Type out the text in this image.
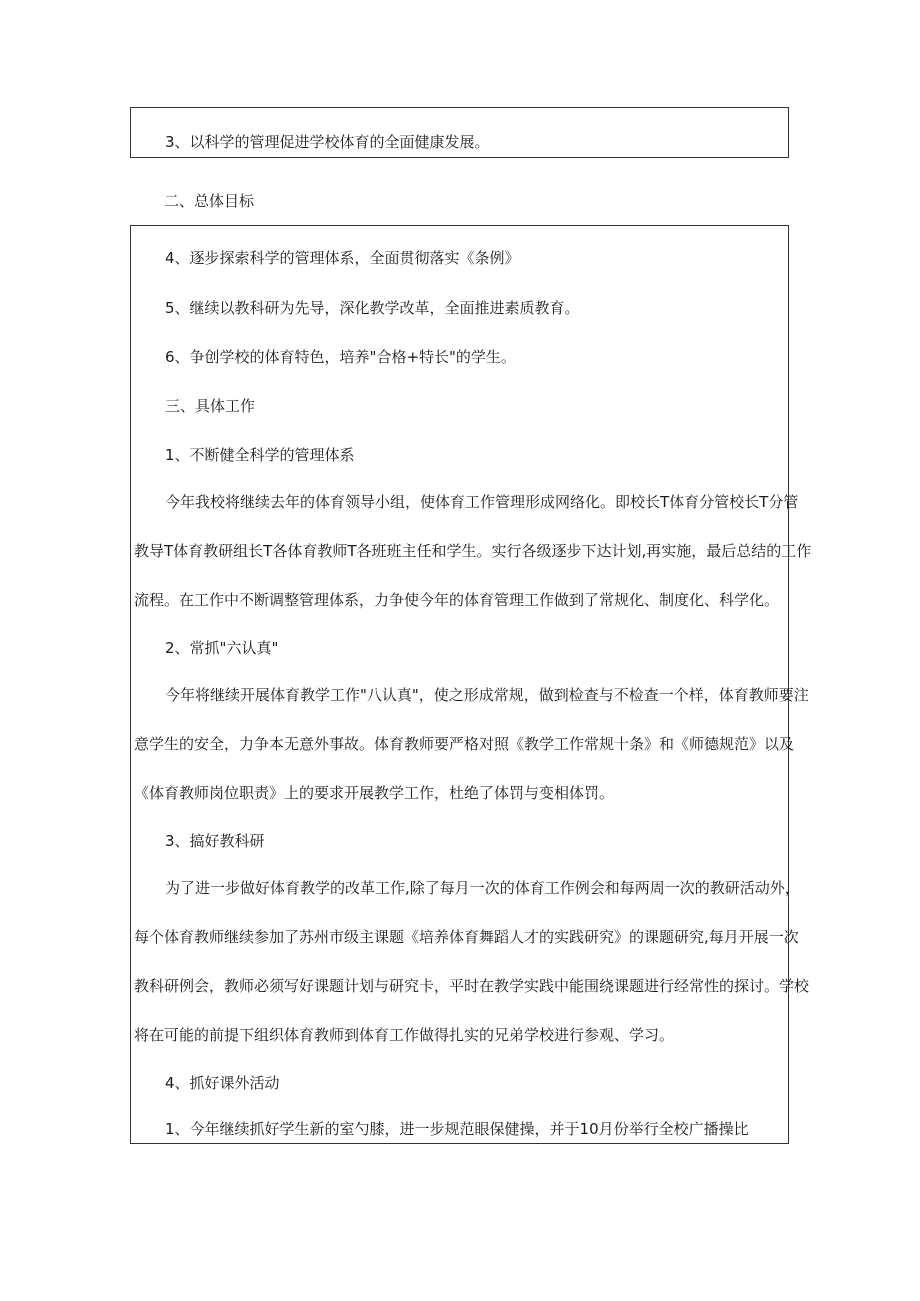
3、以科学的管理促进学校体育的全面健康发展。
二、总体目标
4、逐步探索科学的管理体系，全面贯彻落实《条例》
5、继续以教科研为先导，深化教学改革，全面推进素质教育。
6、争创学校的体育特色，培养"合格+特长"的学生。
三、具体工作
1、不断健全科学的管理体系
今年我校将继续去年的体育领导小组，使体育工作管理形成网络化。即校长T体育分管校长T分管
教导T体育教研组长T各体育教师T各班班主任和学生。实行各级逐步下达计划,再实施，最后总结的工作
流程。在工作中不断调整管理体系，力争使今年的体育管理工作做到了常规化、制度化、科学化。
2、常抓"六认真"
今年将继续开展体育教学工作"八认真"，使之形成常规，做到检查与不检查一个样，体育教师要注
意学生的安全，力争本无意外事故。体育教师要严格对照《教学工作常规十条》和《师德规范》以及
《体育教师岗位职责》上的要求开展教学工作，杜绝了体罚与变相体罚。
3、搞好教科研
为了进一步做好体育教学的改革工作,除了每月一次的体育工作例会和每两周一次的教研活动外，
每个体育教师继续参加了苏州市级主课题《培养体育舞蹈人才的实践研究》的课题研究,每月开展一次
教科研例会，教师必须写好课题计划与研究卡，平时在教学实践中能围绕课题进行经常性的探讨。学校
将在可能的前提下组织体育教师到体育工作做得扎实的兄弟学校进行参观、学习。
4、抓好课外活动
1、今年继续抓好学生新的室勺膝，进一步规范眼保健操，并于10月份举行全校广播操比
